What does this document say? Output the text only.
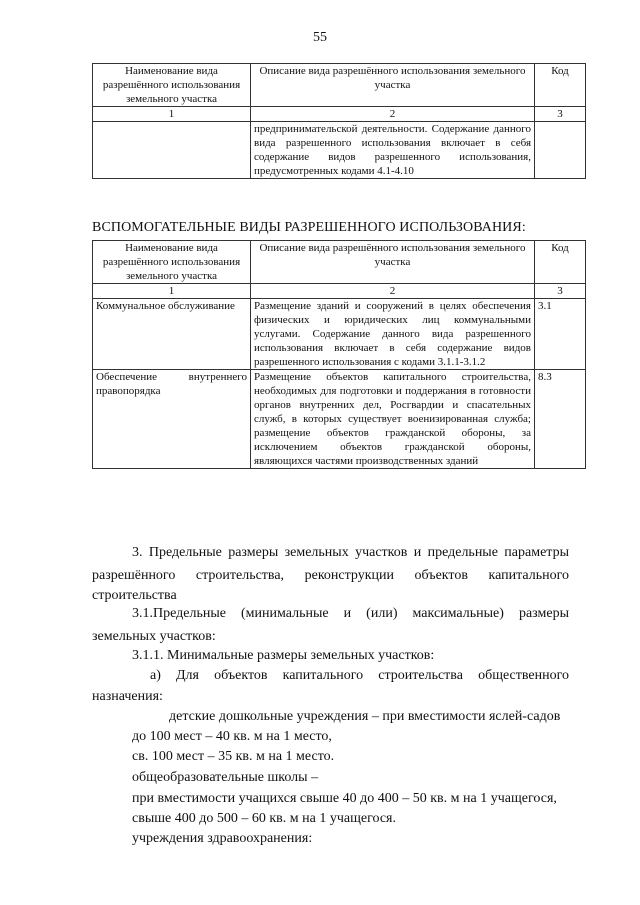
55
Наименование вида разрешённого использования земельного участка	Описание вида разрешённого использования земельного участка	Код
1	2	3
	предпринимательской деятельности. Содержание данного вида разрешенного использования включает в себя содержание видов разрешенного использования, предусмотренных кодами 4.1-4.10	
ВСПОМОГАТЕЛЬНЫЕ ВИДЫ РАЗРЕШЕННОГО ИСПОЛЬЗОВАНИЯ:
Наименование вида разрешённого использования земельного участка	Описание вида разрешённого использования земельного участка	Код
1	2	3
Коммунальное обслуживание	Размещение зданий и сооружений в целях обеспечения физических и юридических лиц коммунальными услугами. Содержание данного вида разрешенного использования включает в себя содержание видов разрешенного использования с кодами 3.1.1-3.1.2	3.1
Обеспечение внутреннего правопорядка	Размещение объектов капитального строительства, необходимых для подготовки и поддержания в готовности органов внутренних дел, Росгвардии и спасательных служб, в которых существует военизированная служба; размещение объектов гражданской обороны, за исключением объектов гражданской обороны, являющихся частями производственных зданий	8.3
3. Предельные размеры земельных участков и предельные параметры
разрешённого строительства, реконструкции объектов капитального
строительства
3.1.Предельные (минимальные и (или) максимальные) размеры
земельных участков:
3.1.1. Минимальные размеры земельных участков:
а) Для объектов капитального строительства общественного
назначения:
детские дошкольные учреждения – при вместимости яслей-садов
до 100 мест – 40 кв. м на 1 место,
св. 100 мест – 35 кв. м на 1 место.
общеобразовательные школы –
при вместимости учащихся свыше 40 до 400 – 50 кв. м на 1 учащегося,
свыше 400 до 500 – 60 кв. м на 1 учащегося.
учреждения здравоохранения:
